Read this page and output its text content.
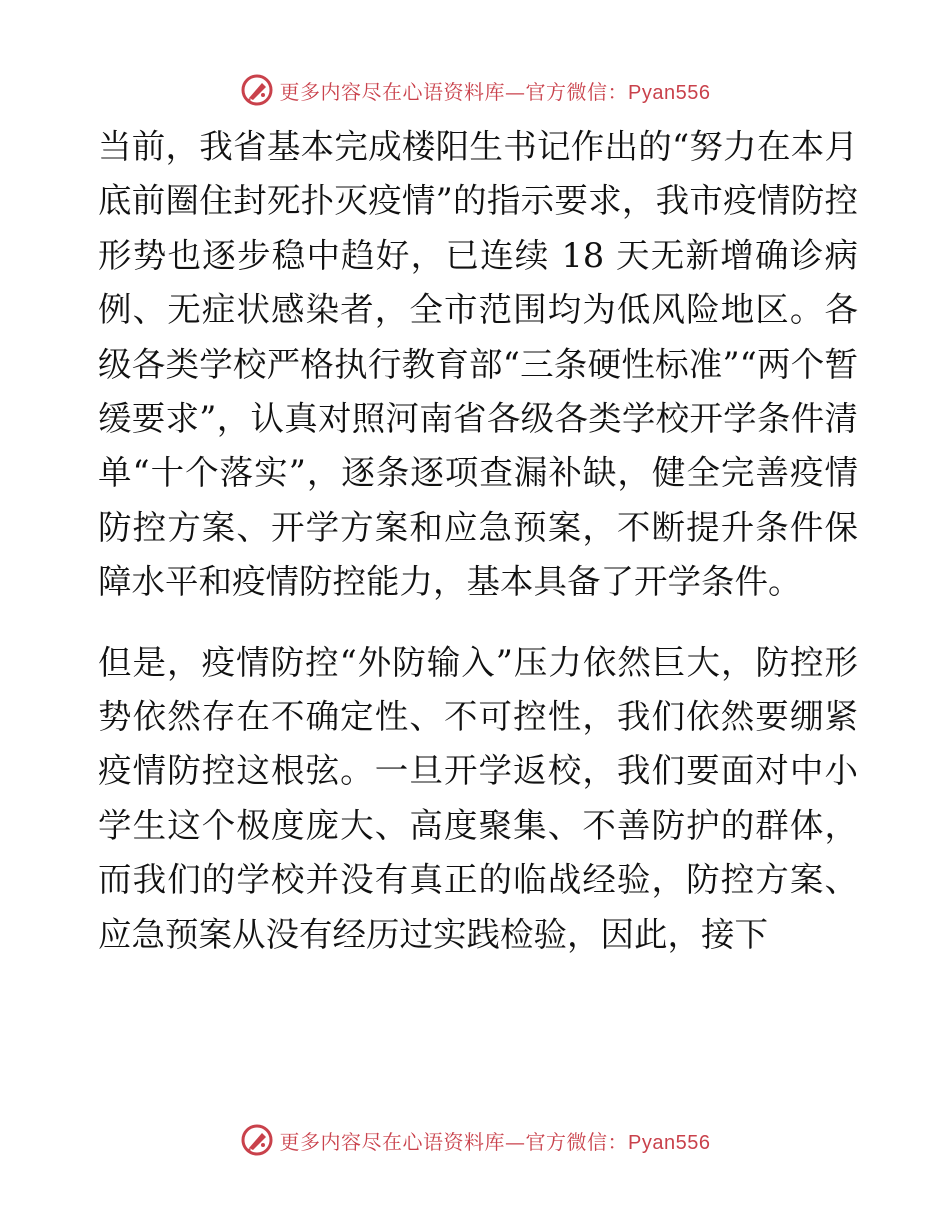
更多内容尽在心语资料库—官方微信：Pyan556

当前，我省基本完成楼阳生书记作出的“努力在本月底前圈住封死扑灭疫情”的指示要求，我市疫情防控形势也逐步稳中趋好，已连续 18 天无新增确诊病例、无症状感染者，全市范围均为低风险地区。各级各类学校严格执行教育部“三条硬性标准”“两个暂缓要求”，认真对照河南省各级各类学校开学条件清单“十个落实”，逐条逐项查漏补缺，健全完善疫情防控方案、开学方案和应急预案，不断提升条件保障水平和疫情防控能力，基本具备了开学条件。

但是，疫情防控“外防输入”压力依然巨大，防控形势依然存在不确定性、不可控性，我们依然要绷紧疫情防控这根弦。一旦开学返校，我们要面对中小学生这个极度庞大、高度聚集、不善防护的群体，而我们的学校并没有真正的临战经验，防控方案、应急预案从没有经历过实践检验，因此，接下

更多内容尽在心语资料库—官方微信：Pyan556
